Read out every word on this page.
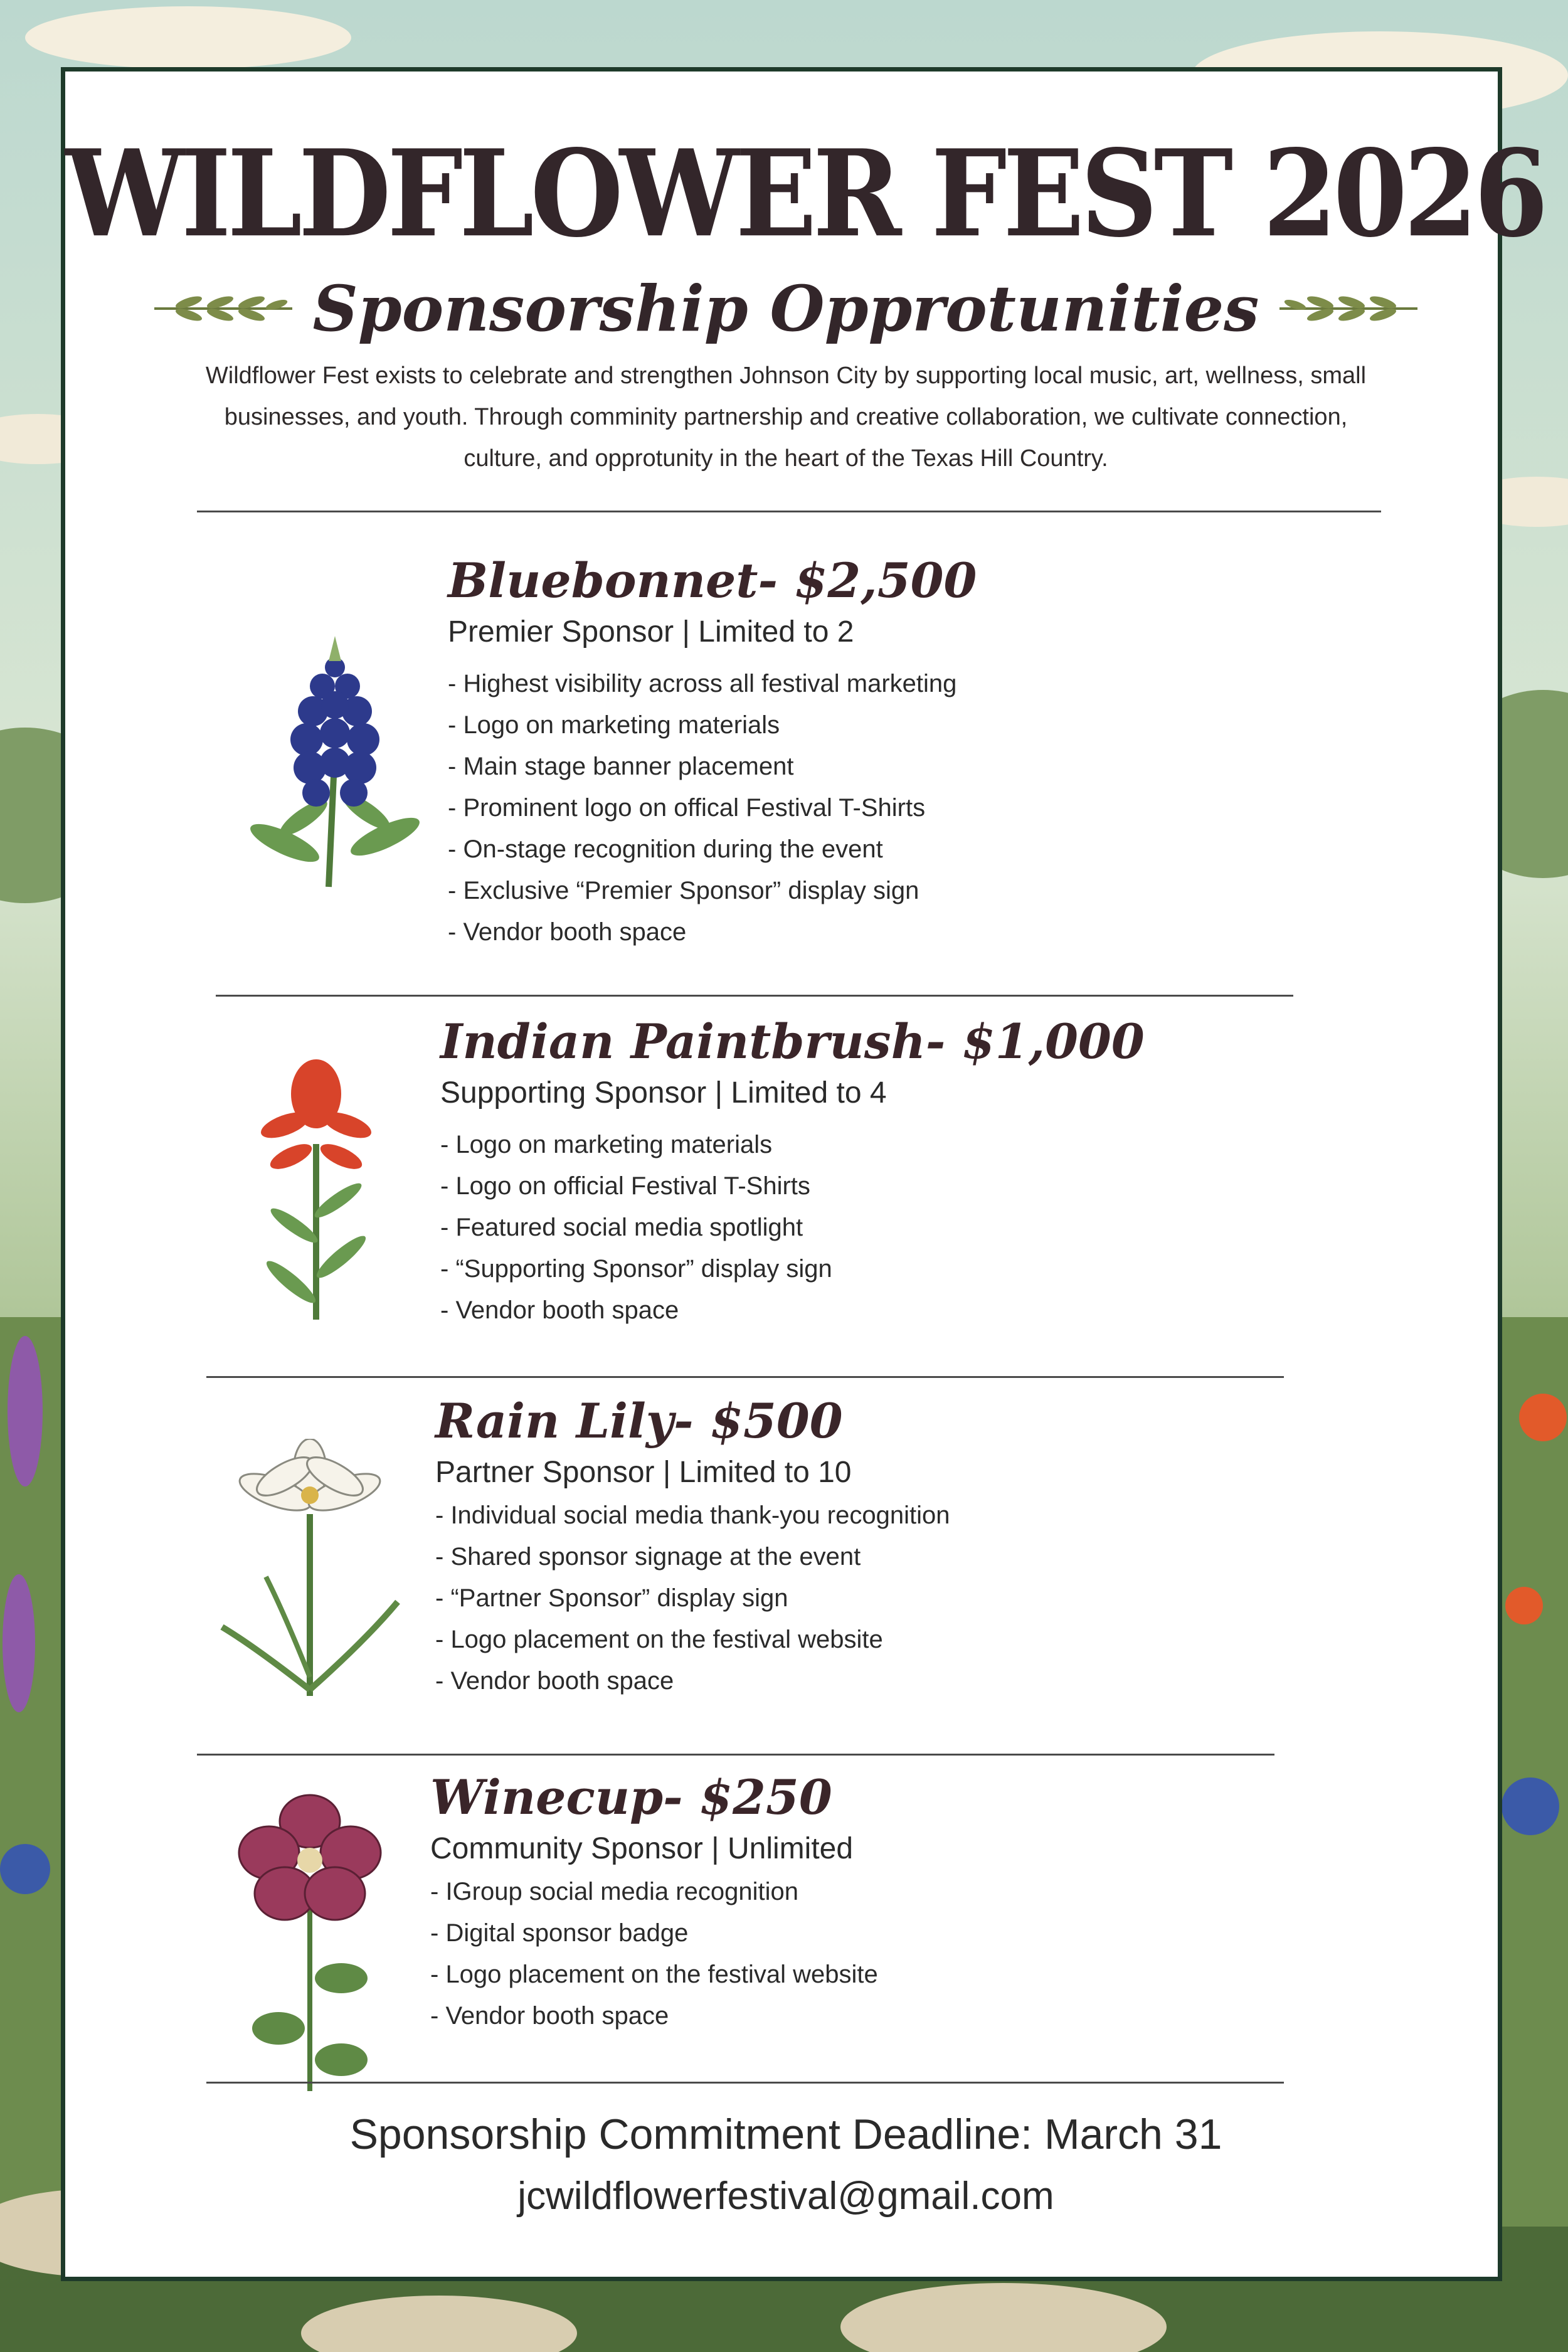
WILDFLOWER FEST 2026
Sponsorship Opprotunities
Wildflower Fest exists to celebrate and strengthen Johnson City by supporting local music, art, wellness, small businesses, and youth. Through comminity partnership and creative collaboration, we cultivate connection, culture, and opprotunity in the heart of the Texas Hill Country.
Bluebonnet- $2,500
Premier Sponsor | Limited to 2
- Highest visibility across all festival marketing
- Logo on marketing materials
- Main stage banner placement
- Prominent logo on offical Festival T-Shirts
- On-stage recognition during the event
- Exclusive “Premier Sponsor” display sign
- Vendor booth space
Indian Paintbrush- $1,000
Supporting Sponsor | Limited to 4
- Logo on marketing materials
- Logo on official Festival T-Shirts
- Featured social media spotlight
- “Supporting Sponsor” display sign
- Vendor booth space
Rain Lily- $500
Partner Sponsor | Limited to 10
- Individual social media thank-you recognition
- Shared sponsor signage at the event
- “Partner Sponsor” display sign
- Logo placement on the festival website
- Vendor booth space
Winecup- $250
Community Sponsor | Unlimited
- IGroup social media recognition
- Digital sponsor badge
- Logo placement on the festival website
- Vendor booth space
Sponsorship Commitment Deadline: March 31
jcwildflowerfestival@gmail.com
